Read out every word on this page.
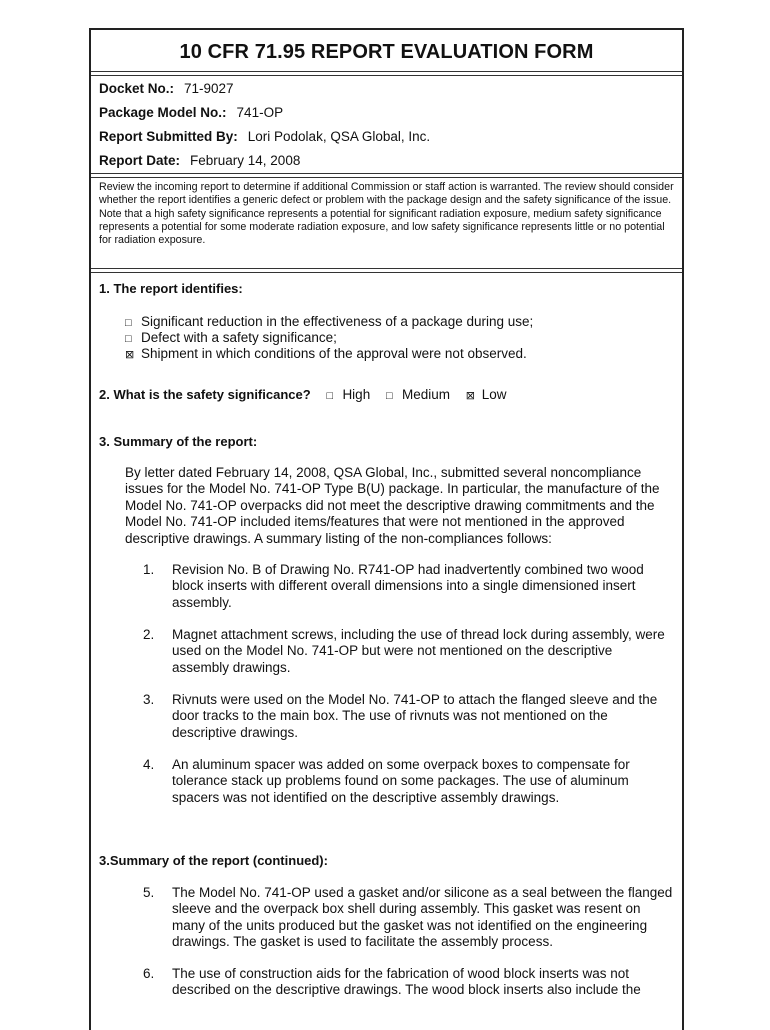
10 CFR 71.95 REPORT EVALUATION FORM
Docket No.: 71-9027
Package Model No.: 741-OP
Report Submitted By: Lori Podolak, QSA Global, Inc.
Report Date: February 14, 2008
Review the incoming report to determine if additional Commission or staff action is warranted. The review should consider whether the report identifies a generic defect or problem with the package design and the safety significance of the issue. Note that a high safety significance represents a potential for significant radiation exposure, medium safety significance represents a potential for some moderate radiation exposure, and low safety significance represents little or no potential for radiation exposure.
1. The report identifies:
□ Significant reduction in the effectiveness of a package during use;
□ Defect with a safety significance;
⊠ Shipment in which conditions of the approval were not observed.
2. What is the safety significance? □ High □ Medium ⊠ Low
3. Summary of the report:
By letter dated February 14, 2008, QSA Global, Inc., submitted several noncompliance issues for the Model No. 741-OP Type B(U) package. In particular, the manufacture of the Model No. 741-OP overpacks did not meet the descriptive drawing commitments and the Model No. 741-OP included items/features that were not mentioned in the approved descriptive drawings. A summary listing of the non-compliances follows:
1.	Revision No. B of Drawing No. R741-OP had inadvertently combined two wood block inserts with different overall dimensions into a single dimensioned insert assembly.
2.	Magnet attachment screws, including the use of thread lock during assembly, were used on the Model No. 741-OP but were not mentioned on the descriptive assembly drawings.
3.	Rivnuts were used on the Model No. 741-OP to attach the flanged sleeve and the door tracks to the main box. The use of rivnuts was not mentioned on the descriptive drawings.
4.	An aluminum spacer was added on some overpack boxes to compensate for tolerance stack up problems found on some packages. The use of aluminum spacers was not identified on the descriptive assembly drawings.
3.Summary of the report (continued):
5.	The Model No. 741-OP used a gasket and/or silicone as a seal between the flanged sleeve and the overpack box shell during assembly. This gasket was resent on many of the units produced but the gasket was not identified on the engineering drawings. The gasket is used to facilitate the assembly process.
6.	The use of construction aids for the fabrication of wood block inserts was not described on the descriptive drawings. The wood block inserts also include the
